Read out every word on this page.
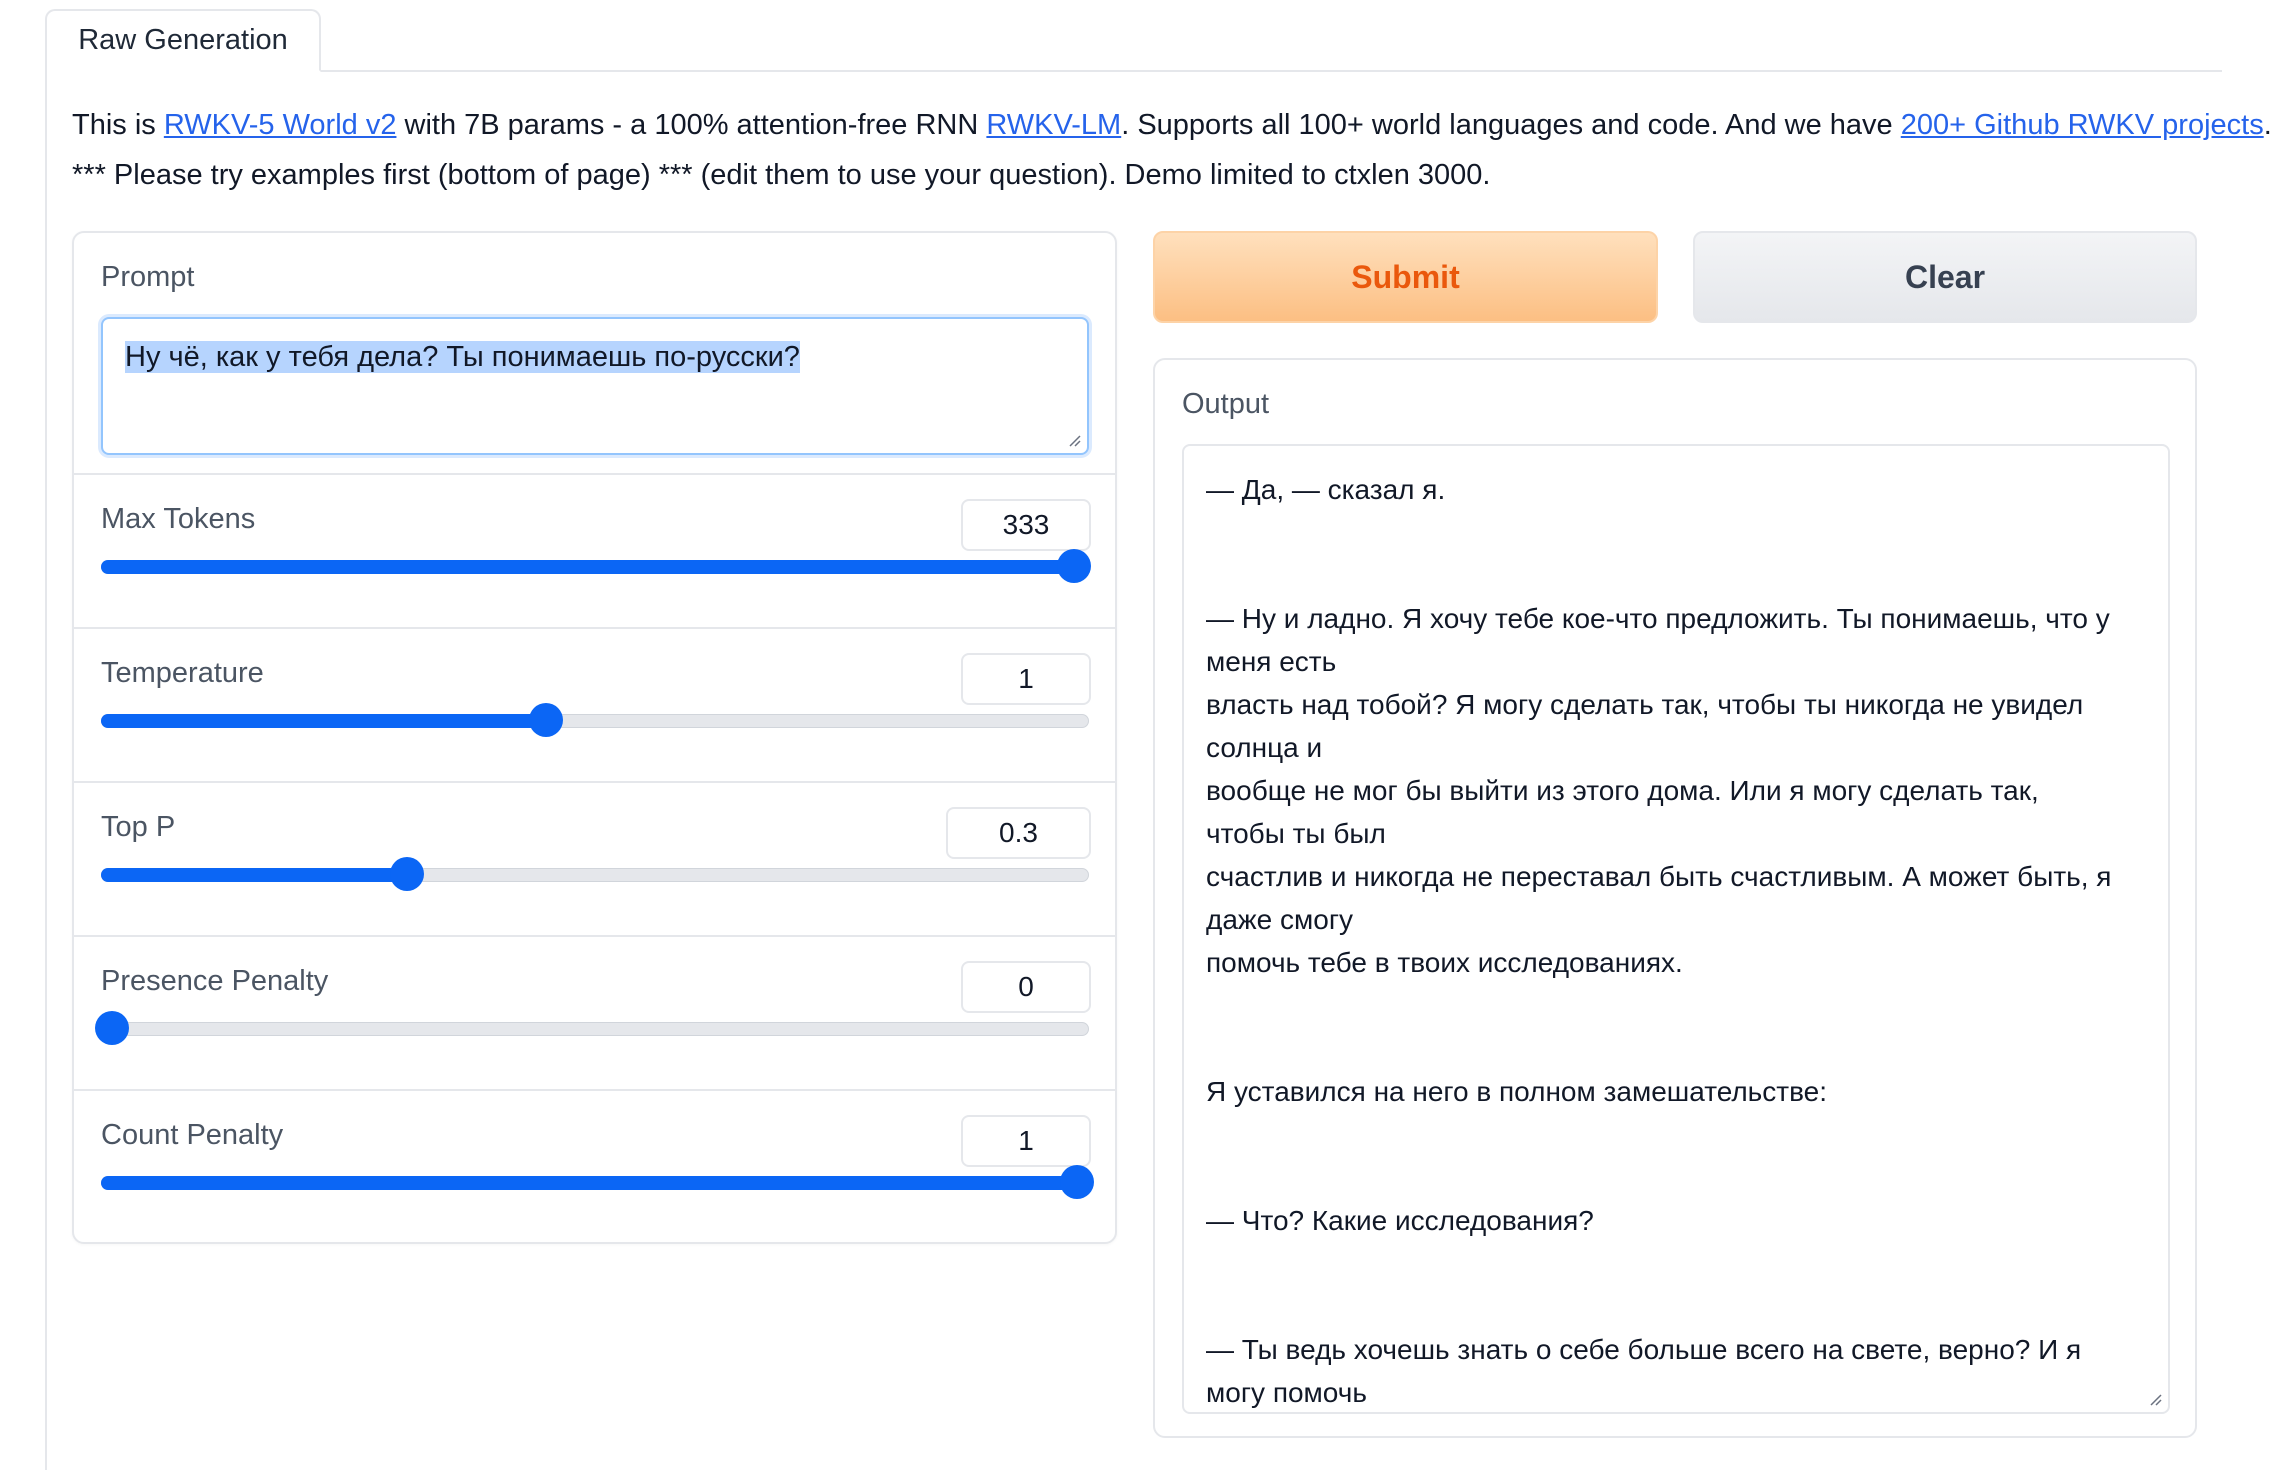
Raw Generation
This is RWKV-5 World v2 with 7B params - a 100% attention-free RNN RWKV-LM. Supports all 100+ world languages and code. And we have 200+ Github RWKV projects.
*** Please try examples first (bottom of page) *** (edit them to use your question). Demo limited to ctxlen 3000.
Prompt
Ну чё, как у тебя дела? Ты понимаешь по-русски?
Max Tokens	333
Temperature	1
Top P	0.3
Presence Penalty	0
Count Penalty	1
Submit	Clear
Output
— Да, — сказал я.
— Ну и ладно. Я хочу тебе кое-что предложить. Ты понимаешь, что у
меня есть
власть над тобой? Я могу сделать так, чтобы ты никогда не увидел
солнца и
вообще не мог бы выйти из этого дома. Или я могу сделать так,
чтобы ты был
счастлив и никогда не переставал быть счастливым. А может быть, я
даже смогу
помочь тебе в твоих исследованиях.
Я уставился на него в полном замешательстве:
— Что? Какие исследования?
— Ты ведь хочешь знать о себе больше всего на свете, верно? И я
могу помочь
